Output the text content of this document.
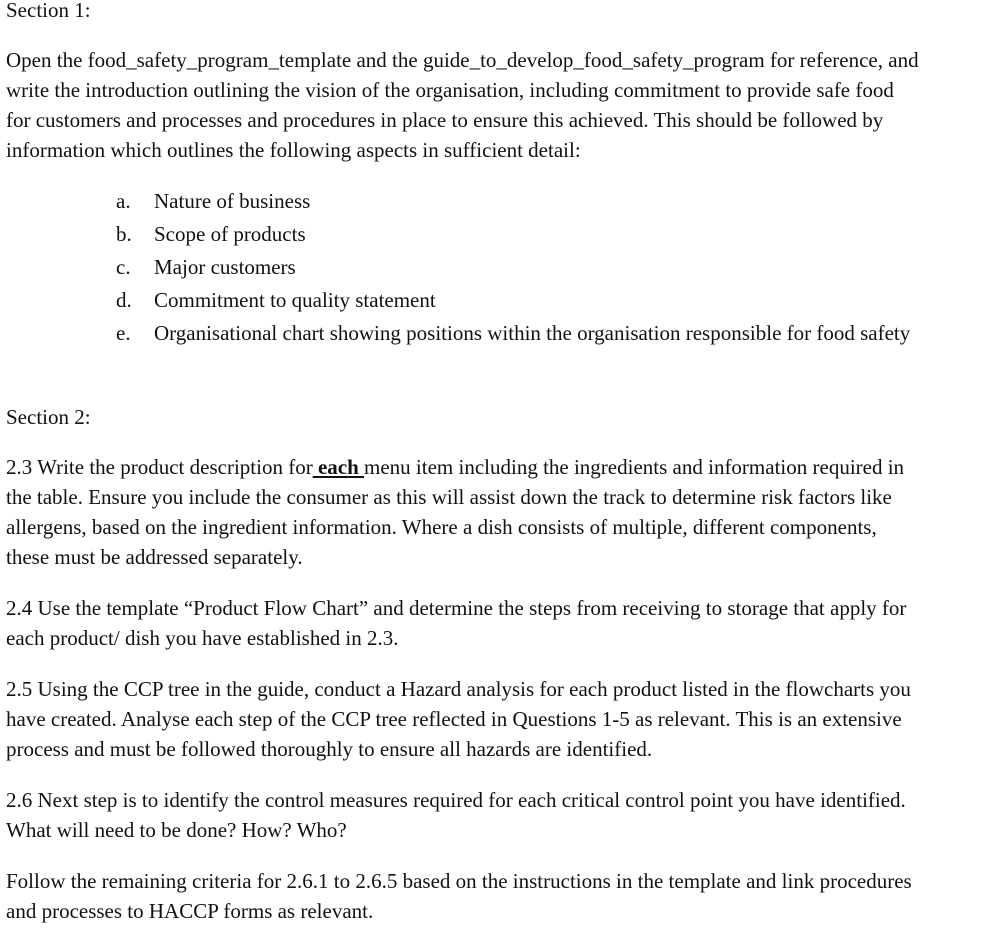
Section 1:
Open the food_safety_program_template and the guide_to_develop_food_safety_program for reference, and
write the introduction outlining the vision of the organisation, including commitment to provide safe food
for customers and processes and procedures in place to ensure this achieved. This should be followed by
information which outlines the following aspects in sufficient detail:
a.	Nature of business
b.	Scope of products
c.	Major customers
d.	Commitment to quality statement
e.	Organisational chart showing positions within the organisation responsible for food safety
Section 2:
2.3 Write the product description for each menu item including the ingredients and information required in
the table. Ensure you include the consumer as this will assist down the track to determine risk factors like
allergens, based on the ingredient information. Where a dish consists of multiple, different components,
these must be addressed separately.
2.4 Use the template “Product Flow Chart” and determine the steps from receiving to storage that apply for
each product/ dish you have established in 2.3.
2.5 Using the CCP tree in the guide, conduct a Hazard analysis for each product listed in the flowcharts you
have created. Analyse each step of the CCP tree reflected in Questions 1-5 as relevant. This is an extensive
process and must be followed thoroughly to ensure all hazards are identified.
2.6 Next step is to identify the control measures required for each critical control point you have identified.
What will need to be done? How? Who?
Follow the remaining criteria for 2.6.1 to 2.6.5 based on the instructions in the template and link procedures
and processes to HACCP forms as relevant.
